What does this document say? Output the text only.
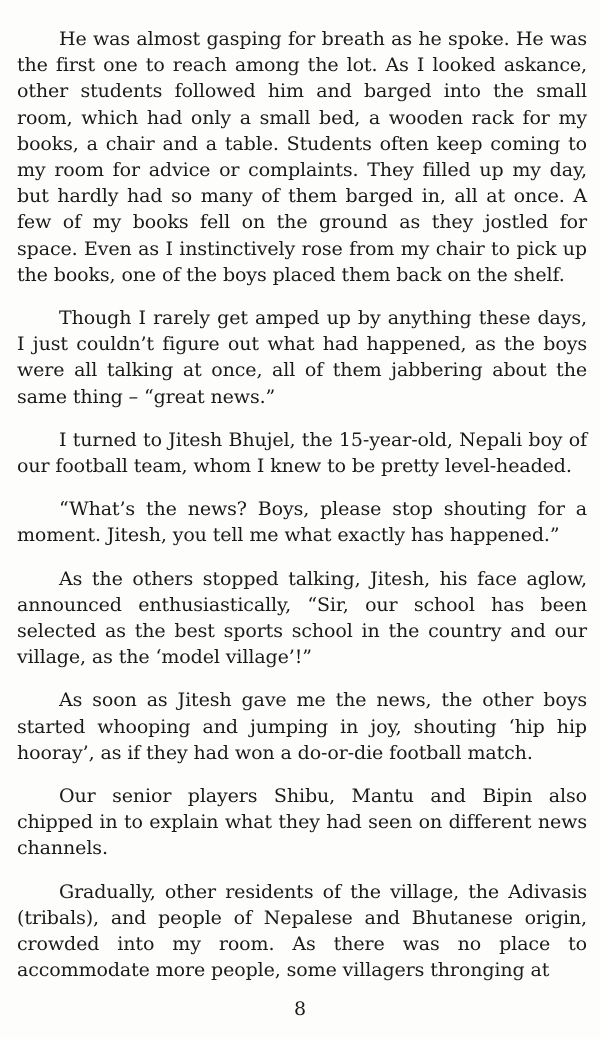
He was almost gasping for breath as he spoke. He was the first one to reach among the lot. As I looked askance, other students followed him and barged into the small room, which had only a small bed, a wooden rack for my books, a chair and a table. Students often keep coming to my room for advice or complaints. They filled up my day, but hardly had so many of them barged in, all at once. A few of my books fell on the ground as they jostled for space. Even as I instinctively rose from my chair to pick up the books, one of the boys placed them back on the shelf.

Though I rarely get amped up by anything these days, I just couldn’t figure out what had happened, as the boys were all talking at once, all of them jabbering about the same thing – “great news.”

I turned to Jitesh Bhujel, the 15-year-old, Nepali boy of our football team, whom I knew to be pretty level-headed.

“What’s the news? Boys, please stop shouting for a moment. Jitesh, you tell me what exactly has happened.”

As the others stopped talking, Jitesh, his face aglow, announced enthusiastically, “Sir, our school has been selected as the best sports school in the country and our village, as the ‘model village’!”

As soon as Jitesh gave me the news, the other boys started whooping and jumping in joy, shouting ‘hip hip hooray’, as if they had won a do-or-die football match.

Our senior players Shibu, Mantu and Bipin also chipped in to explain what they had seen on different news channels.

Gradually, other residents of the village, the Adivasis (tribals), and people of Nepalese and Bhutanese origin, crowded into my room. As there was no place to accommodate more people, some villagers thronging at

8
